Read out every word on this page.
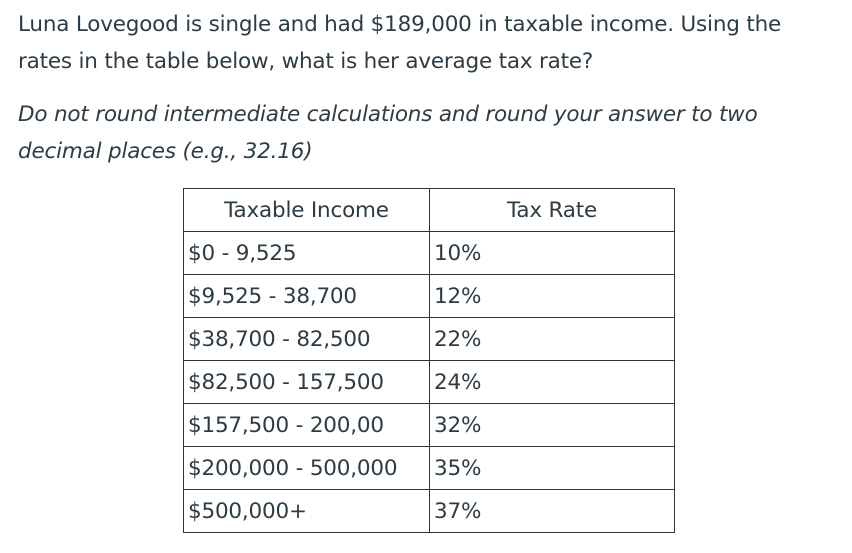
Luna Lovegood is single and had $189,000 in taxable income. Using the rates in the table below, what is her average tax rate?

Do not round intermediate calculations and round your answer to two decimal places (e.g., 32.16)

Taxable Income	Tax Rate
$0 - 9,525	10%
$9,525 - 38,700	12%
$38,700 - 82,500	22%
$82,500 - 157,500	24%
$157,500 - 200,00	32%
$200,000 - 500,000	35%
$500,000+	37%
